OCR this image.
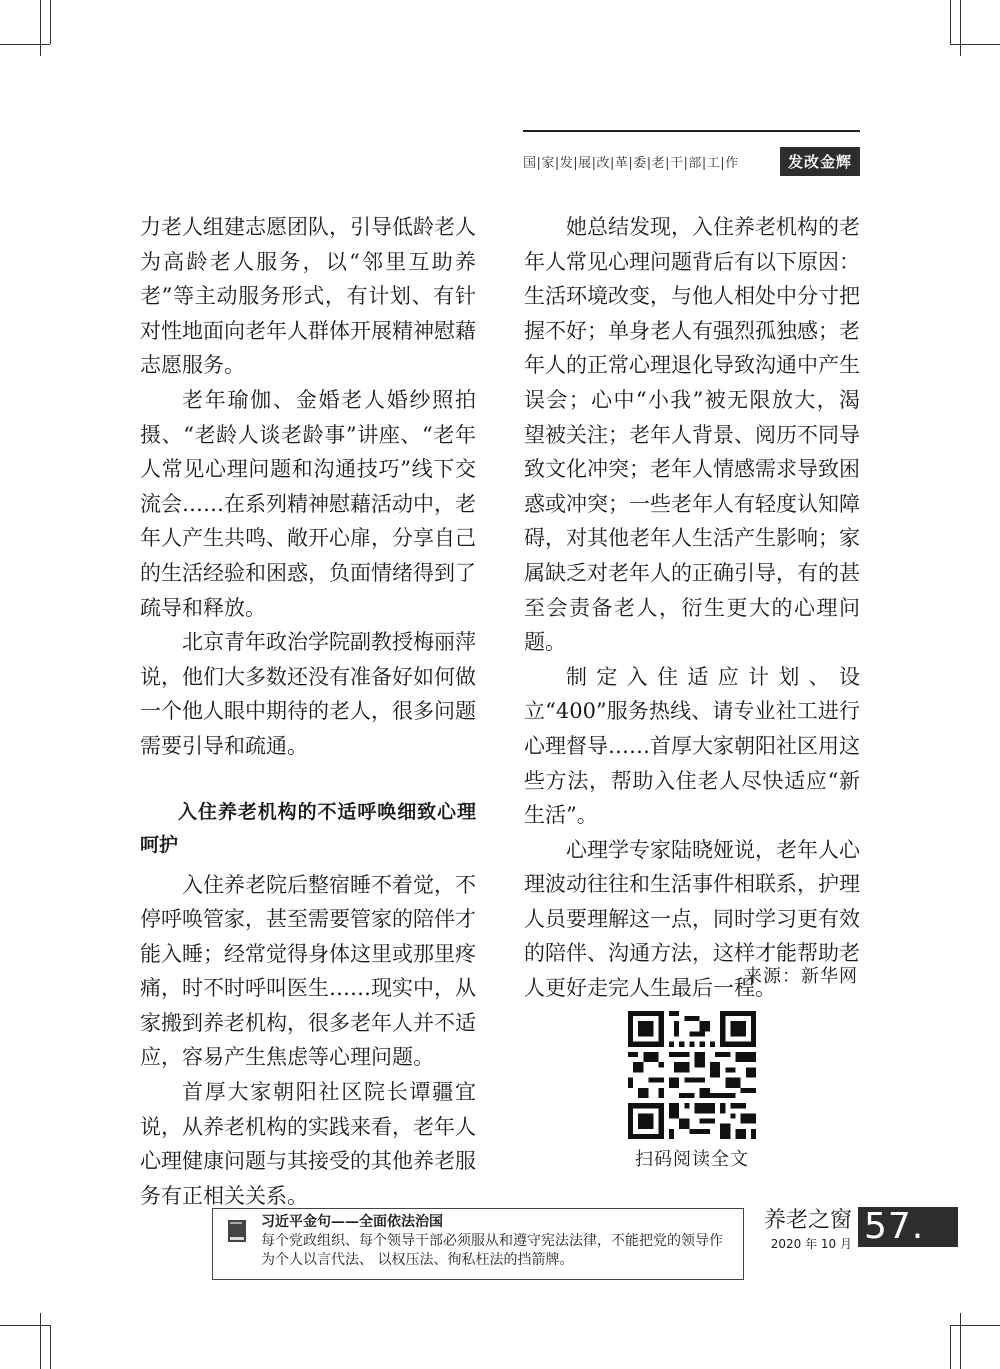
国|家|发|展|改|革|委|老|干|部|工|作	发改金辉

力老人组建志愿团队，引导低龄老人为高龄老人服务，以“邻里互助养老”等主动服务形式，有计划、有针对性地面向老年人群体开展精神慰藉志愿服务。

老年瑜伽、金婚老人婚纱照拍摄、“老龄人谈老龄事”讲座、“老年人常见心理问题和沟通技巧”线下交流会……在系列精神慰藉活动中，老年人产生共鸣、敞开心扉，分享自己的生活经验和困惑，负面情绪得到了疏导和释放。

北京青年政治学院副教授梅丽萍说，他们大多数还没有准备好如何做一个他人眼中期待的老人，很多问题需要引导和疏通。

入住养老机构的不适呼唤细致心理呵护

入住养老院后整宿睡不着觉，不停呼唤管家，甚至需要管家的陪伴才能入睡；经常觉得身体这里或那里疼痛，时不时呼叫医生……现实中，从家搬到养老机构，很多老年人并不适应，容易产生焦虑等心理问题。

首厚大家朝阳社区院长谭疆宜说，从养老机构的实践来看，老年人心理健康问题与其接受的其他养老服务有正相关关系。

她总结发现，入住养老机构的老年人常见心理问题背后有以下原因：生活环境改变，与他人相处中分寸把握不好；单身老人有强烈孤独感；老年人的正常心理退化导致沟通中产生误会；心中“小我”被无限放大，渴望被关注；老年人背景、阅历不同导致文化冲突；老年人情感需求导致困惑或冲突；一些老年人有轻度认知障碍，对其他老年人生活产生影响；家属缺乏对老年人的正确引导，有的甚至会责备老人，衍生更大的心理问题。

制定入住适应计划、设立“400”服务热线、请专业社工进行心理督导……首厚大家朝阳社区用这些方法，帮助入住老人尽快适应“新生活”。

心理学专家陆晓娅说，老年人心理波动往往和生活事件相联系，护理人员要理解这一点，同时学习更有效的陪伴、沟通方法，这样才能帮助老人更好走完人生最后一程。

来源：新华网
扫码阅读全文
习近平金句——全面依法治国
每个党政组织、每个领导干部必须服从和遵守宪法法律，不能把党的领导作为个人以言代法、 以权压法、徇私枉法的挡箭牌。
养老之窗
2020 年 10 月 57.
